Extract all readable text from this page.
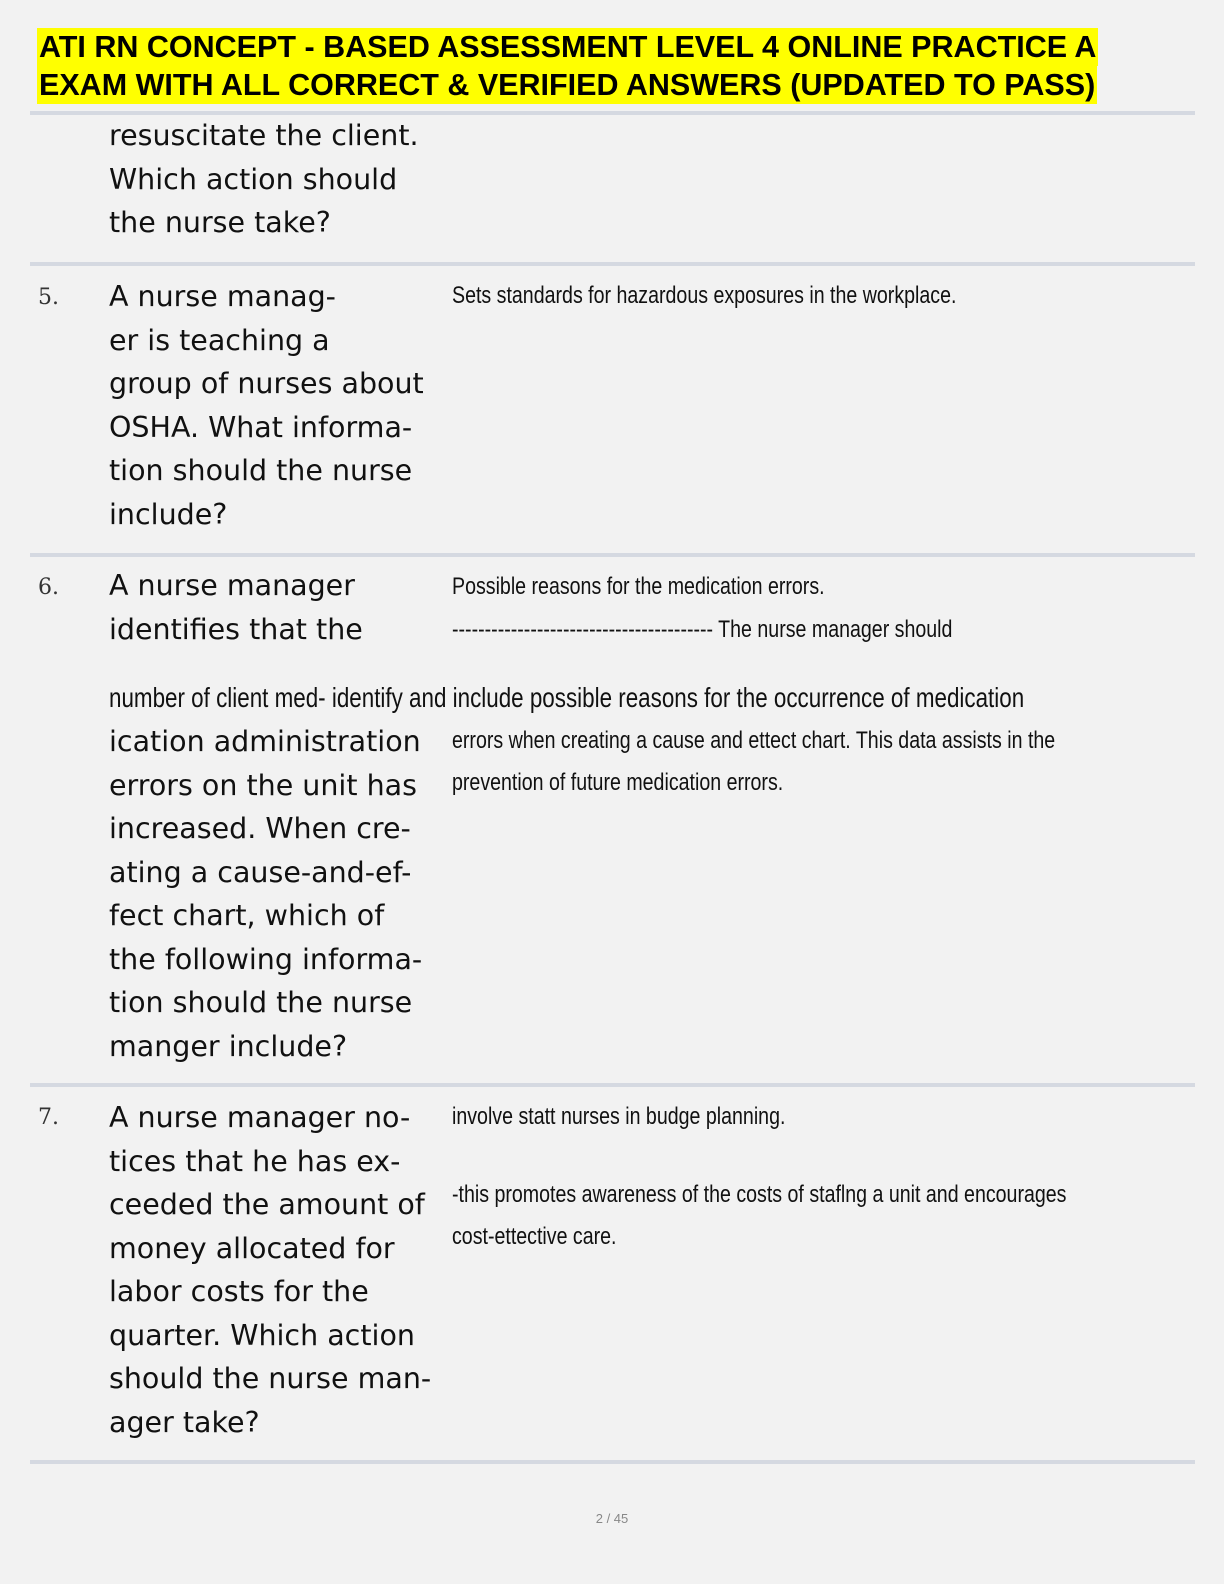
ATI RN CONCEPT - BASED ASSESSMENT LEVEL 4 ONLINE PRACTICE A
EXAM WITH ALL CORRECT & VERIFIED ANSWERS (UPDATED TO PASS)
resuscitate the client.
Which action should
the nurse take?
5. A nurse manag-
er is teaching a
group of nurses about
OSHA. What informa-
tion should the nurse
include?
Sets standards for hazardous exposures in the workplace.
6. A nurse manager
identifies that the
Possible reasons for the medication errors.
---------------------------------------- The nurse manager should
number of client med- identify and include possible reasons for the occurrence of medication
ication administration
errors on the unit has
increased. When cre-
ating a cause-and-ef-
fect chart, which of
the following informa-
tion should the nurse
manger include?
errors when creating a cause and ettect chart. This data assists in the
prevention of future medication errors.
7. A nurse manager no-
tices that he has ex-
ceeded the amount of
money allocated for
labor costs for the
quarter. Which action
should the nurse man-
ager take?
involve statt nurses in budge planning.
-this promotes awareness of the costs of staflng a unit and encourages
cost-ettective care.
2 / 45
